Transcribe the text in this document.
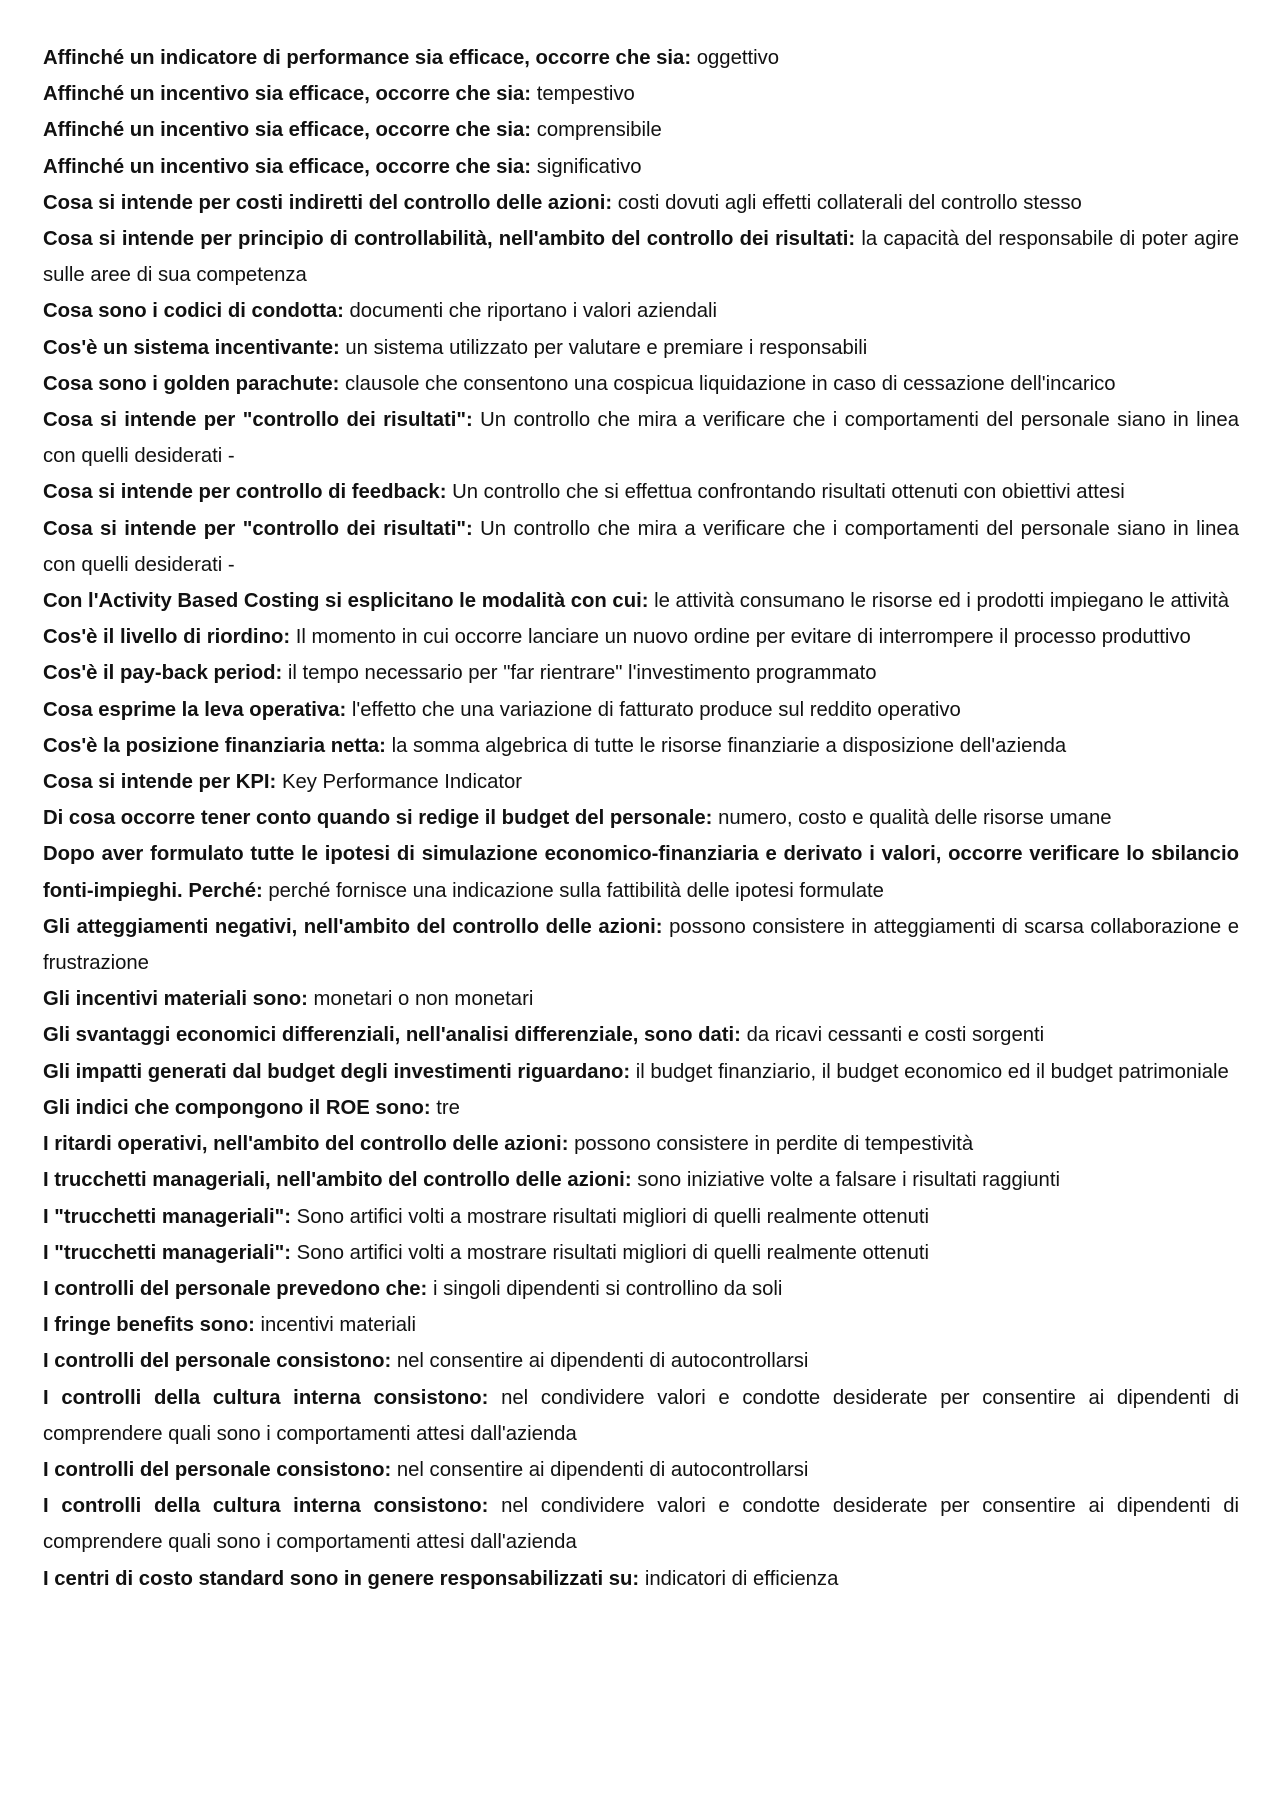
Affinché un indicatore di performance sia efficace, occorre che sia: oggettivo

Affinché un incentivo sia efficace, occorre che sia: tempestivo

Affinché un incentivo sia efficace, occorre che sia: comprensibile

Affinché un incentivo sia efficace, occorre che sia: significativo

Cosa si intende per costi indiretti del controllo delle azioni: costi dovuti agli effetti collaterali del controllo stesso

Cosa si intende per principio di controllabilità, nell'ambito del controllo dei risultati: la capacità del responsabile di poter agire sulle aree di sua competenza

Cosa sono i codici di condotta: documenti che riportano i valori aziendali

Cos'è un sistema incentivante: un sistema utilizzato per valutare e premiare i responsabili

Cosa sono i golden parachute: clausole che consentono una cospicua liquidazione in caso di cessazione dell'incarico

Cosa si intende per "controllo dei risultati": Un controllo che mira a verificare che i comportamenti del personale siano in linea con quelli desiderati -

Cosa si intende per controllo di feedback: Un controllo che si effettua confrontando risultati ottenuti con obiettivi attesi

Cosa si intende per "controllo dei risultati": Un controllo che mira a verificare che i comportamenti del personale siano in linea con quelli desiderati -

Con l'Activity Based Costing si esplicitano le modalità con cui: le attività consumano le risorse ed i prodotti impiegano le attività

Cos'è il livello di riordino: Il momento in cui occorre lanciare un nuovo ordine per evitare di interrompere il processo produttivo

Cos'è il pay-back period: il tempo necessario per "far rientrare" l'investimento programmato

Cosa esprime la leva operativa: l'effetto che una variazione di fatturato produce sul reddito operativo

Cos'è la posizione finanziaria netta: la somma algebrica di tutte le risorse finanziarie a disposizione dell'azienda

Cosa si intende per KPI: Key Performance Indicator

Di cosa occorre tener conto quando si redige il budget del personale: numero, costo e qualità delle risorse umane

Dopo aver formulato tutte le ipotesi di simulazione economico-finanziaria e derivato i valori, occorre verificare lo sbilancio fonti-impieghi. Perché: perché fornisce una indicazione sulla fattibilità delle ipotesi formulate

Gli atteggiamenti negativi, nell'ambito del controllo delle azioni: possono consistere in atteggiamenti di scarsa collaborazione e frustrazione

Gli incentivi materiali sono: monetari o non monetari

Gli svantaggi economici differenziali, nell'analisi differenziale, sono dati: da ricavi cessanti e costi sorgenti

Gli impatti generati dal budget degli investimenti riguardano: il budget finanziario, il budget economico ed il budget patrimoniale

Gli indici che compongono il ROE sono: tre

I ritardi operativi, nell'ambito del controllo delle azioni: possono consistere in perdite di tempestività

I trucchetti manageriali, nell'ambito del controllo delle azioni: sono iniziative volte a falsare i risultati raggiunti

I "trucchetti manageriali": Sono artifici volti a mostrare risultati migliori di quelli realmente ottenuti

I "trucchetti manageriali": Sono artifici volti a mostrare risultati migliori di quelli realmente ottenuti

I controlli del personale prevedono che: i singoli dipendenti si controllino da soli

I fringe benefits sono: incentivi materiali

I controlli del personale consistono: nel consentire ai dipendenti di autocontrollarsi

I controlli della cultura interna consistono: nel condividere valori e condotte desiderate per consentire ai dipendenti di comprendere quali sono i comportamenti attesi dall'azienda

I controlli del personale consistono: nel consentire ai dipendenti di autocontrollarsi

I controlli della cultura interna consistono: nel condividere valori e condotte desiderate per consentire ai dipendenti di comprendere quali sono i comportamenti attesi dall'azienda

I centri di costo standard sono in genere responsabilizzati su: indicatori di efficienza
